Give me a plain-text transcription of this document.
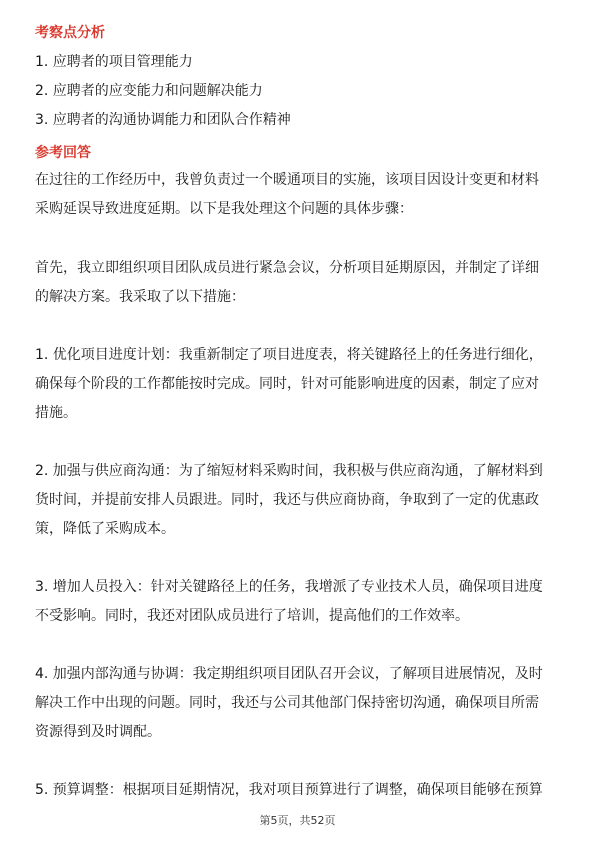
考察点分析
1. 应聘者的项目管理能力
2. 应聘者的应变能力和问题解决能力
3. 应聘者的沟通协调能力和团队合作精神
参考回答
在过往的工作经历中，我曾负责过一个暖通项目的实施，该项目因设计变更和材料
采购延误导致进度延期。以下是我处理这个问题的具体步骤：
首先，我立即组织项目团队成员进行紧急会议，分析项目延期原因，并制定了详细
的解决方案。我采取了以下措施：
1. 优化项目进度计划：我重新制定了项目进度表，将关键路径上的任务进行细化，
确保每个阶段的工作都能按时完成。同时，针对可能影响进度的因素，制定了应对
措施。
2. 加强与供应商沟通：为了缩短材料采购时间，我积极与供应商沟通，了解材料到
货时间，并提前安排人员跟进。同时，我还与供应商协商，争取到了一定的优惠政
策，降低了采购成本。
3. 增加人员投入：针对关键路径上的任务，我增派了专业技术人员，确保项目进度
不受影响。同时，我还对团队成员进行了培训，提高他们的工作效率。
4. 加强内部沟通与协调：我定期组织项目团队召开会议，了解项目进展情况，及时
解决工作中出现的问题。同时，我还与公司其他部门保持密切沟通，确保项目所需
资源得到及时调配。
5. 预算调整：根据项目延期情况，我对项目预算进行了调整，确保项目能够在预算
第5页，共52页
